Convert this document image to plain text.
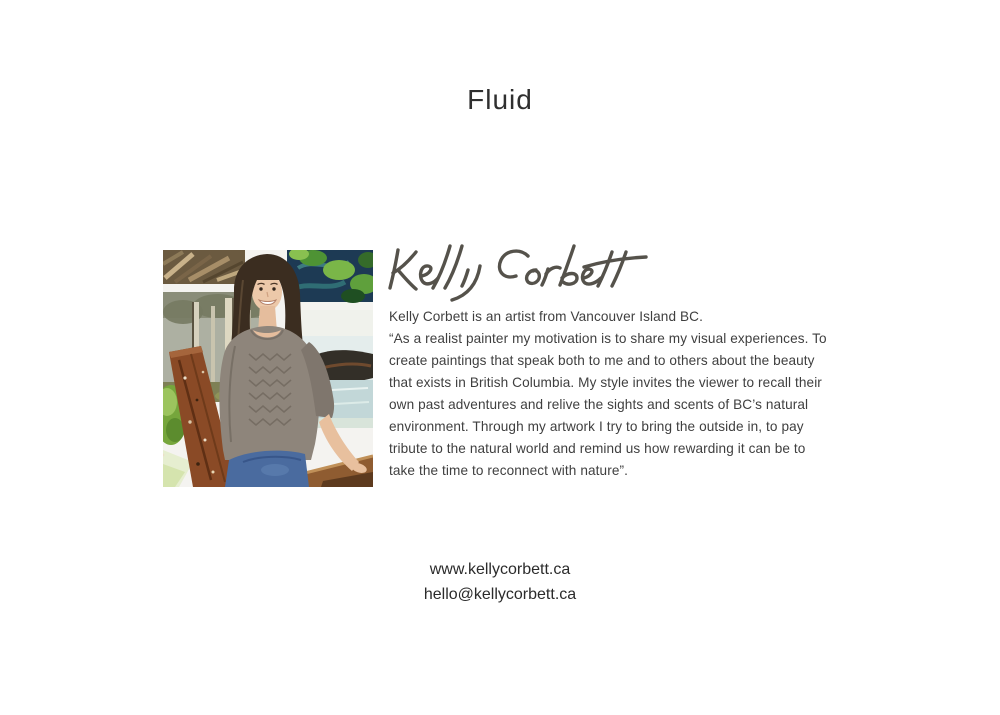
Fluid
Kelly Corbett is an artist from Vancouver Island BC.
“As a realist painter my motivation is to share my visual experiences. To
create paintings that speak both to me and to others about the beauty
that exists in British Columbia. My style invites the viewer to recall their
own past adventures and relive the sights and scents of BC’s natural
environment. Through my artwork I try to bring the outside in, to pay
tribute to the natural world and remind us how rewarding it can be to
take the time to reconnect with nature”.
www.kellycorbett.ca
hello@kellycorbett.ca
